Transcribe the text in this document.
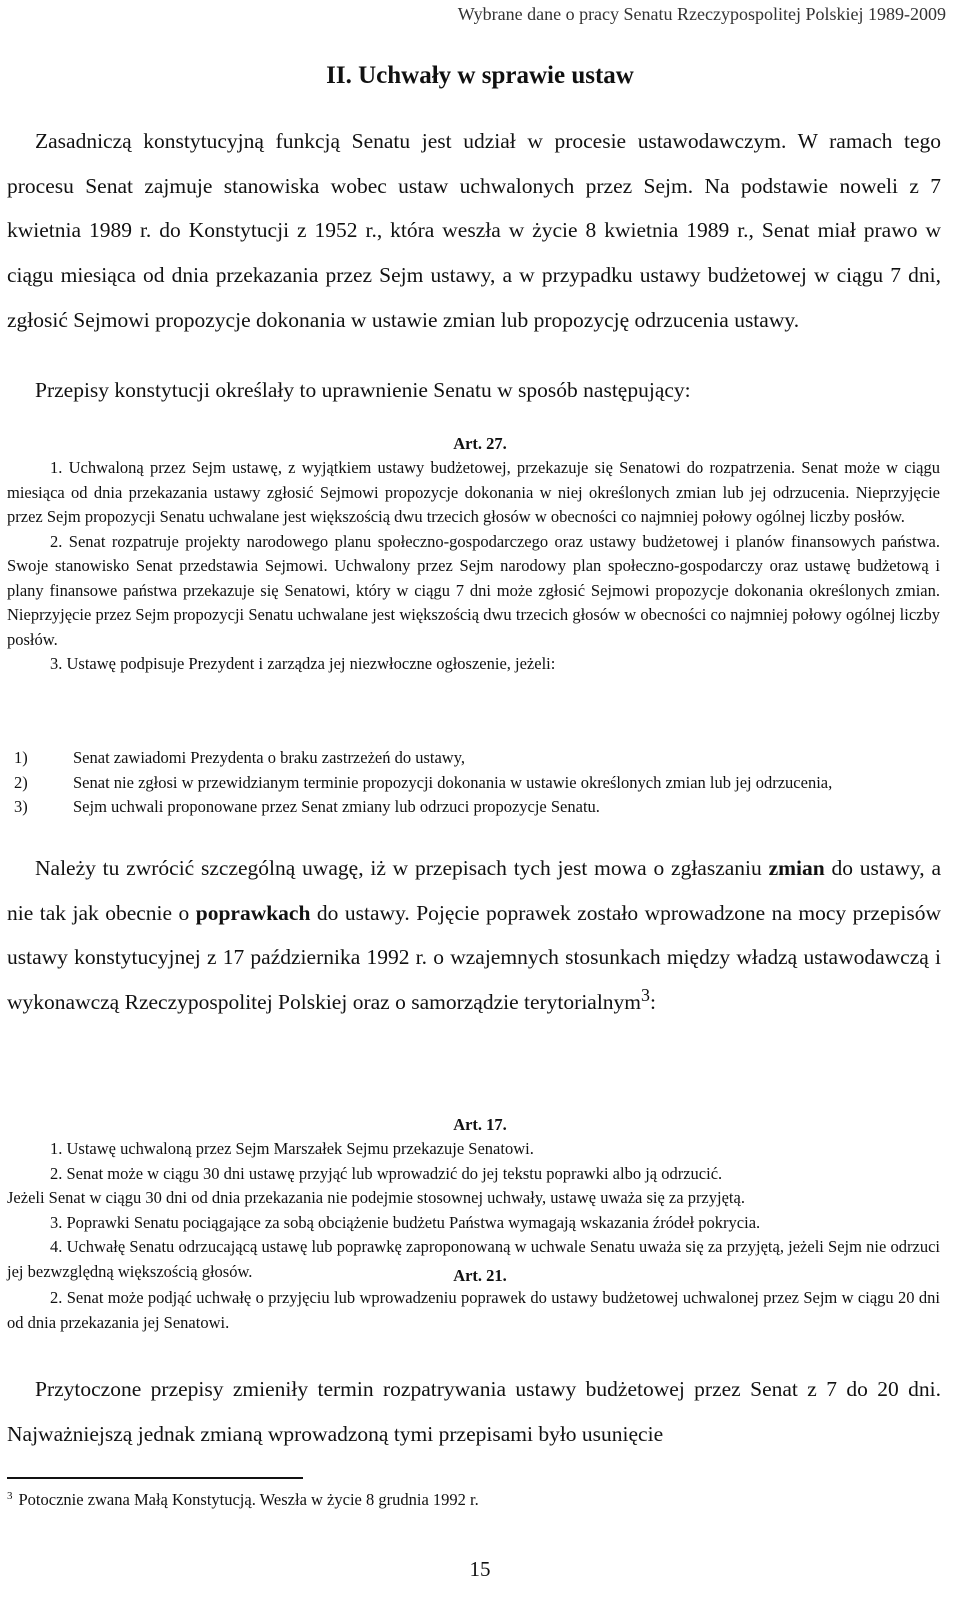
Wybrane dane o pracy Senatu Rzeczypospolitej Polskiej 1989-2009
II. Uchwały w sprawie ustaw

Zasadniczą konstytucyjną funkcją Senatu jest udział w procesie ustawodawczym. W ramach tego procesu Senat zajmuje stanowiska wobec ustaw uchwalonych przez Sejm. Na podstawie noweli z 7 kwietnia 1989 r. do Konstytucji z 1952 r., która weszła w życie 8 kwietnia 1989 r., Senat miał prawo w ciągu miesiąca od dnia przekazania przez Sejm ustawy, a w przypadku ustawy budżetowej w ciągu 7 dni, zgłosić Sejmowi propozycje dokonania w ustawie zmian lub propozycję odrzucenia ustawy.

Przepisy konstytucji określały to uprawnienie Senatu w sposób następujący:

Art. 27.

1. Uchwaloną przez Sejm ustawę, z wyjątkiem ustawy budżetowej, przekazuje się Senatowi do rozpatrzenia. Senat może w ciągu miesiąca od dnia przekazania ustawy zgłosić Sejmowi propozycje dokonania w niej określonych zmian lub jej odrzucenia. Nieprzyjęcie przez Sejm propozycji Senatu uchwalane jest większością dwu trzecich głosów w obecności co najmniej połowy ogólnej liczby posłów.
2. Senat rozpatruje projekty narodowego planu społeczno-gospodarczego oraz ustawy budżetowej i planów finansowych państwa. Swoje stanowisko Senat przedstawia Sejmowi. Uchwalony przez Sejm narodowy plan społeczno-gospodarczy oraz ustawę budżetową i plany finansowe państwa przekazuje się Senatowi, który w ciągu 7 dni może zgłosić Sejmowi propozycje dokonania określonych zmian. Nieprzyjęcie przez Sejm propozycji Senatu uchwalane jest większością dwu trzecich głosów w obecności co najmniej połowy ogólnej liczby posłów.
3. Ustawę podpisuje Prezydent i zarządza jej niezwłoczne ogłoszenie, jeżeli:
1)	Senat zawiadomi Prezydenta o braku zastrzeżeń do ustawy,
2)	Senat nie zgłosi w przewidzianym terminie propozycji dokonania w ustawie określonych zmian lub jej odrzucenia,
3)	Sejm uchwali proponowane przez Senat zmiany lub odrzuci propozycje Senatu.

Należy tu zwrócić szczególną uwagę, iż w przepisach tych jest mowa o zgłaszaniu zmian do ustawy, a nie tak jak obecnie o poprawkach do ustawy. Pojęcie poprawek zostało wprowadzone na mocy przepisów ustawy konstytucyjnej z 17 października 1992 r. o wzajemnych stosunkach między władzą ustawodawczą i wykonawczą Rzeczypospolitej Polskiej oraz o samorządzie terytorialnym$^3$:

Art. 17.

1. Ustawę uchwaloną przez Sejm Marszałek Sejmu przekazuje Senatowi.
2. Senat może w ciągu 30 dni ustawę przyjąć lub wprowadzić do jej tekstu poprawki albo ją odrzucić.
Jeżeli Senat w ciągu 30 dni od dnia przekazania nie podejmie stosownej uchwały, ustawę uważa się za przyjętą.
3. Poprawki Senatu pociągające za sobą obciążenie budżetu Państwa wymagają wskazania źródeł pokrycia.
4. Uchwałę Senatu odrzucającą ustawę lub poprawkę zaproponowaną w uchwale Senatu uważa się za przyjętą, jeżeli Sejm nie odrzuci jej bezwzględną większością głosów.	Art. 21.

2. Senat może podjąć uchwałę o przyjęciu lub wprowadzeniu poprawek do ustawy budżetowej uchwalonej przez Sejm w ciągu 20 dni od dnia przekazania jej Senatowi.

Przytoczone przepisy zmieniły termin rozpatrywania ustawy budżetowej przez Senat z 7 do 20 dni. Najważniejszą jednak zmianą wprowadzoną tymi przepisami było usunięcie

$^3$ Potocznie zwana Małą Konstytucją. Weszła w życie 8 grudnia 1992 r.

15
